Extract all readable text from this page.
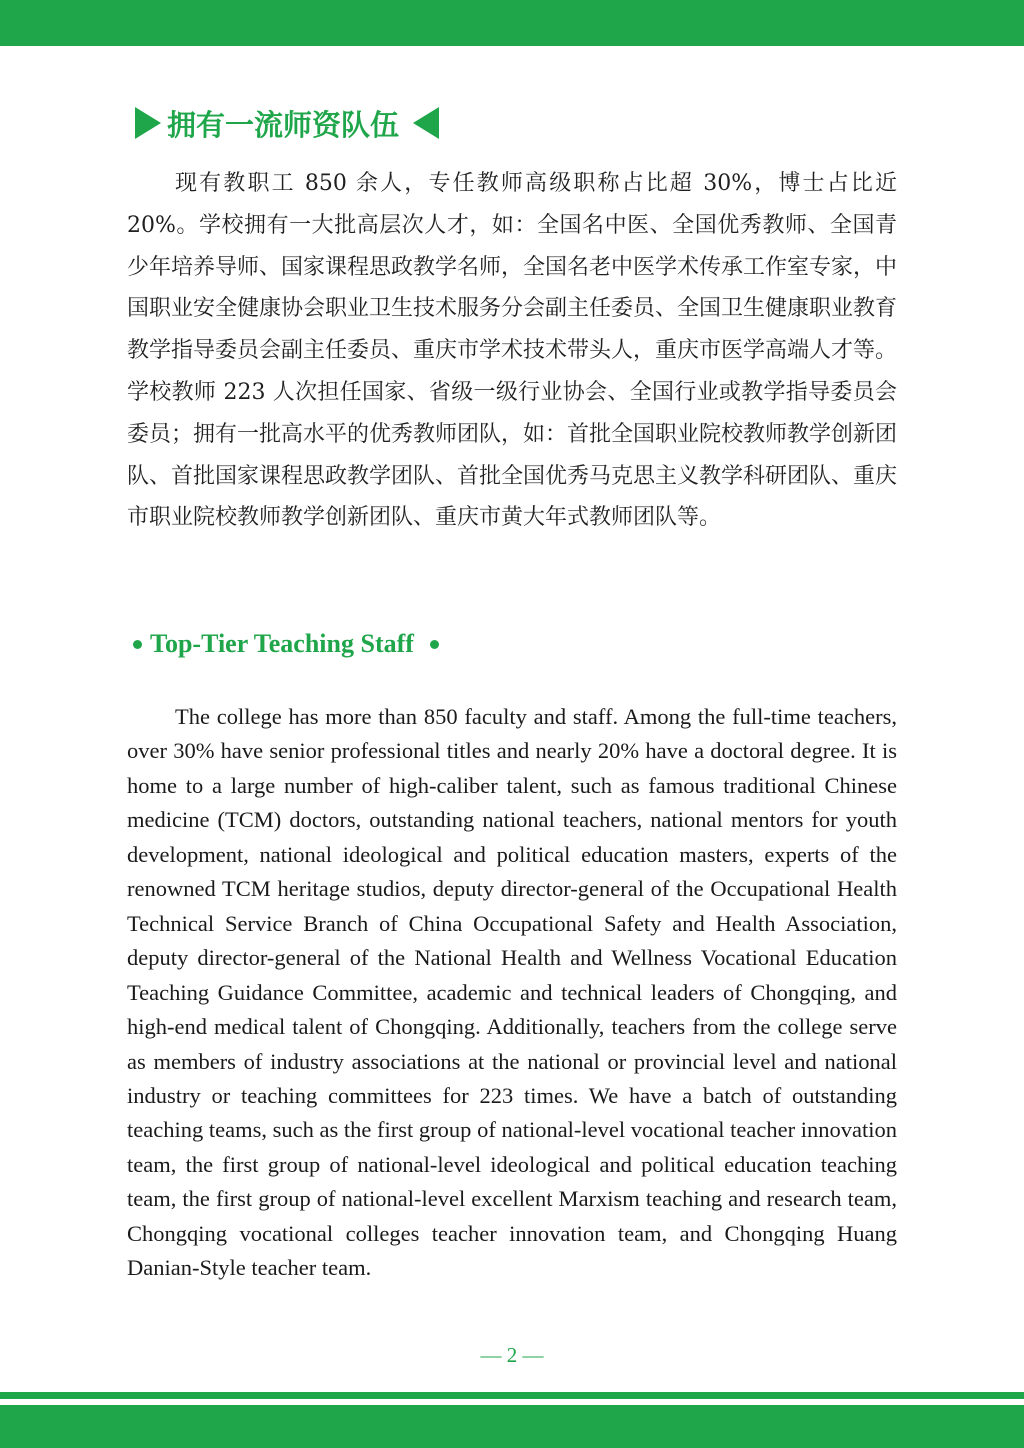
拥有一流师资队伍

现有教职工 850 余人，专任教师高级职称占比超 30%，博士占比近 20%。学校拥有一大批高层次人才，如：全国名中医、全国优秀教师、全国青少年培养导师、国家课程思政教学名师，全国名老中医学术传承工作室专家，中国职业安全健康协会职业卫生技术服务分会副主任委员、全国卫生健康职业教育教学指导委员会副主任委员、重庆市学术技术带头人，重庆市医学高端人才等。学校教师 223 人次担任国家、省级一级行业协会、全国行业或教学指导委员会委员；拥有一批高水平的优秀教师团队，如：首批全国职业院校教师教学创新团队、首批国家课程思政教学团队、首批全国优秀马克思主义教学科研团队、重庆市职业院校教师教学创新团队、重庆市黄大年式教师团队等。

Top-Tier Teaching Staff

The college has more than 850 faculty and staff. Among the full-time teachers, over 30% have senior professional titles and nearly 20% have a doctoral degree. It is home to a large number of high-caliber talent, such as famous traditional Chinese medicine (TCM) doctors, outstanding national teachers, national mentors for youth development, national ideological and political education masters, experts of the renowned TCM heritage studios, deputy director-general of the Occupational Health Technical Service Branch of China Occupational Safety and Health Association, deputy director-general of the National Health and Wellness Vocational Education Teaching Guidance Committee, academic and technical leaders of Chongqing, and high-end medical talent of Chongqing. Additionally, teachers from the college serve as members of industry associations at the national or provincial level and national industry or teaching committees for 223 times. We have a batch of outstanding teaching teams, such as the first group of national-level vocational teacher innovation team, the first group of national-level ideological and political education teaching team, the first group of national-level excellent Marxism teaching and research team, Chongqing vocational colleges teacher innovation team, and Chongqing Huang Danian-Style teacher team.

— 2 —
